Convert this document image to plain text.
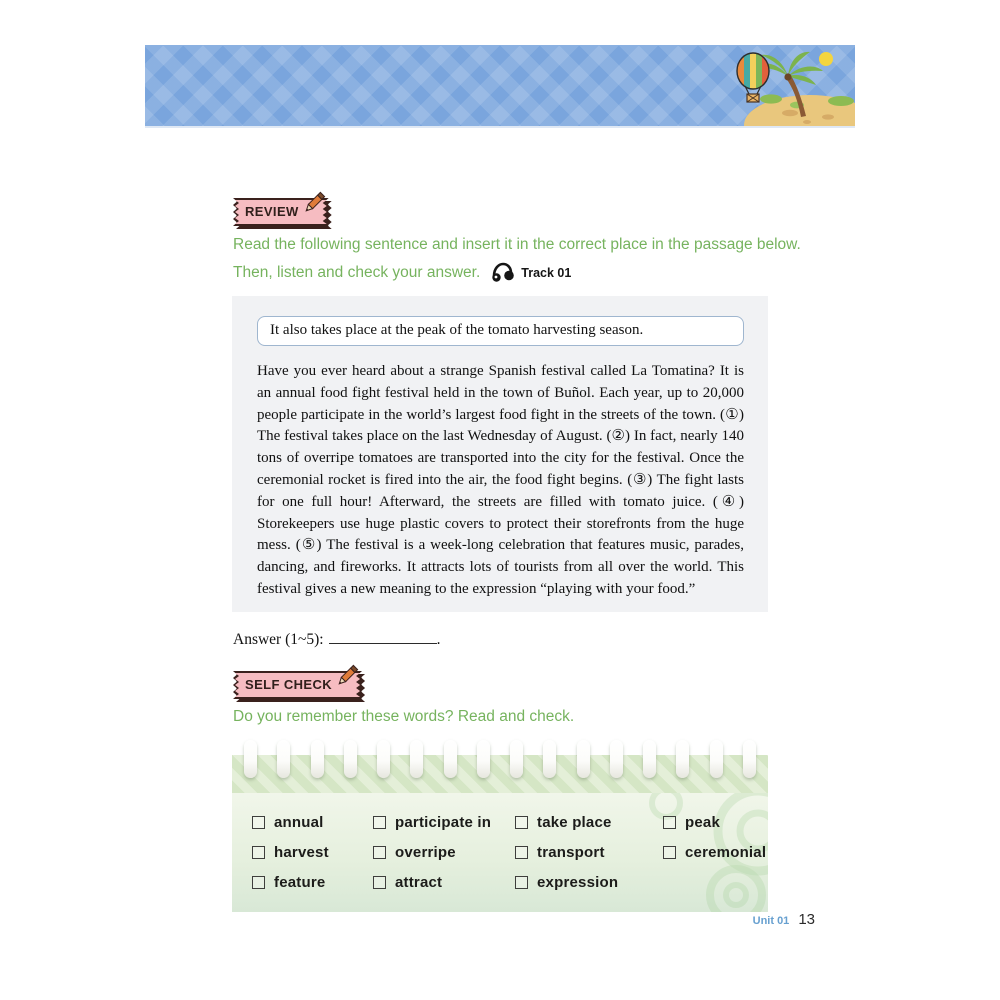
REVIEW
Read the following sentence and insert it in the correct place in the passage below.
Then, listen and check your answer.	Track 01
It also takes place at the peak of the tomato harvesting season.
Have you ever heard about a strange Spanish festival called La Tomatina? It is an annual food fight festival held in the town of Buñol. Each year, up to 20,000 people participate in the world’s largest food fight in the streets of the town. (①) The festival takes place on the last Wednesday of August. (②) In fact, nearly 140 tons of overripe tomatoes are transported into the city for the festival. Once the ceremonial rocket is fired into the air, the food fight begins. (③) The fight lasts for one full hour! Afterward, the streets are filled with tomato juice. (④) Storekeepers use huge plastic covers to protect their storefronts from the huge mess. (⑤) The festival is a week-long celebration that features music, parades, dancing, and fireworks. It attracts lots of tourists from all over the world. This festival gives a new meaning to the expression “playing with your food.”
Answer (1~5):	.
SELF CHECK
Do you remember these words? Read and check.
annual	participate in	take place	peak
harvest	overripe	transport	ceremonial
feature	attract	expression
Unit 01 13
